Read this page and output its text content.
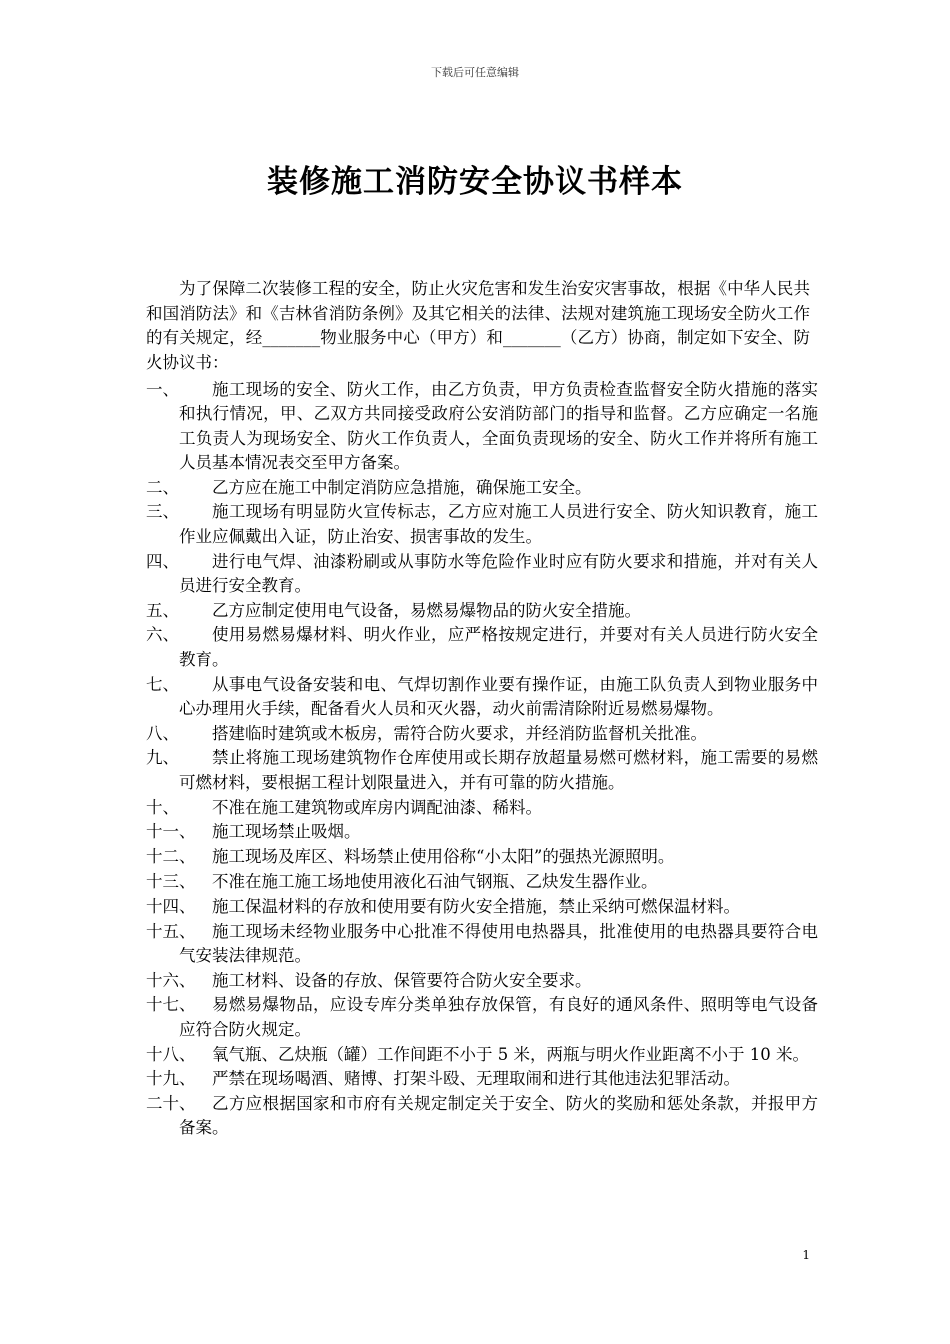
下载后可任意编辑
装修施工消防安全协议书样本
为了保障二次装修工程的安全，防止火灾危害和发生治安灾害事故，根据《中华人民共和国消防法》和《吉林省消防条例》及其它相关的法律、法规对建筑施工现场安全防火工作的有关规定，经_______物业服务中心（甲方）和_______（乙方）协商，制定如下安全、防火协议书：
一、	施工现场的安全、防火工作，由乙方负责，甲方负责检查监督安全防火措施的落实和执行情况，甲、乙双方共同接受政府公安消防部门的指导和监督。乙方应确定一名施工负责人为现场安全、防火工作负责人，全面负责现场的安全、防火工作并将所有施工人员基本情况表交至甲方备案。
二、	乙方应在施工中制定消防应急措施，确保施工安全。
三、	施工现场有明显防火宣传标志，乙方应对施工人员进行安全、防火知识教育，施工作业应佩戴出入证，防止治安、损害事故的发生。
四、	进行电气焊、油漆粉刷或从事防水等危险作业时应有防火要求和措施，并对有关人员进行安全教育。
五、	乙方应制定使用电气设备，易燃易爆物品的防火安全措施。
六、	使用易燃易爆材料、明火作业，应严格按规定进行，并要对有关人员进行防火安全教育。
七、	从事电气设备安装和电、气焊切割作业要有操作证，由施工队负责人到物业服务中心办理用火手续，配备看火人员和灭火器，动火前需清除附近易燃易爆物。
八、	搭建临时建筑或木板房，需符合防火要求，并经消防监督机关批准。
九、	禁止将施工现场建筑物作仓库使用或长期存放超量易燃可燃材料，施工需要的易燃可燃材料，要根据工程计划限量进入，并有可靠的防火措施。
十、	不准在施工建筑物或库房内调配油漆、稀料。
十一、	施工现场禁止吸烟。
十二、	施工现场及库区、料场禁止使用俗称“小太阳”的强热光源照明。
十三、	不准在施工施工场地使用液化石油气钢瓶、乙炔发生器作业。
十四、	施工保温材料的存放和使用要有防火安全措施，禁止采纳可燃保温材料。
十五、	施工现场未经物业服务中心批准不得使用电热器具，批准使用的电热器具要符合电气安装法律规范。
十六、	施工材料、设备的存放、保管要符合防火安全要求。
十七、	易燃易爆物品，应设专库分类单独存放保管，有良好的通风条件、照明等电气设备应符合防火规定。
十八、	氧气瓶、乙炔瓶（罐）工作间距不小于 5 米，两瓶与明火作业距离不小于 10 米。
十九、	严禁在现场喝酒、赌博、打架斗殴、无理取闹和进行其他违法犯罪活动。
二十、	乙方应根据国家和市府有关规定制定关于安全、防火的奖励和惩处条款，并报甲方备案。
1
